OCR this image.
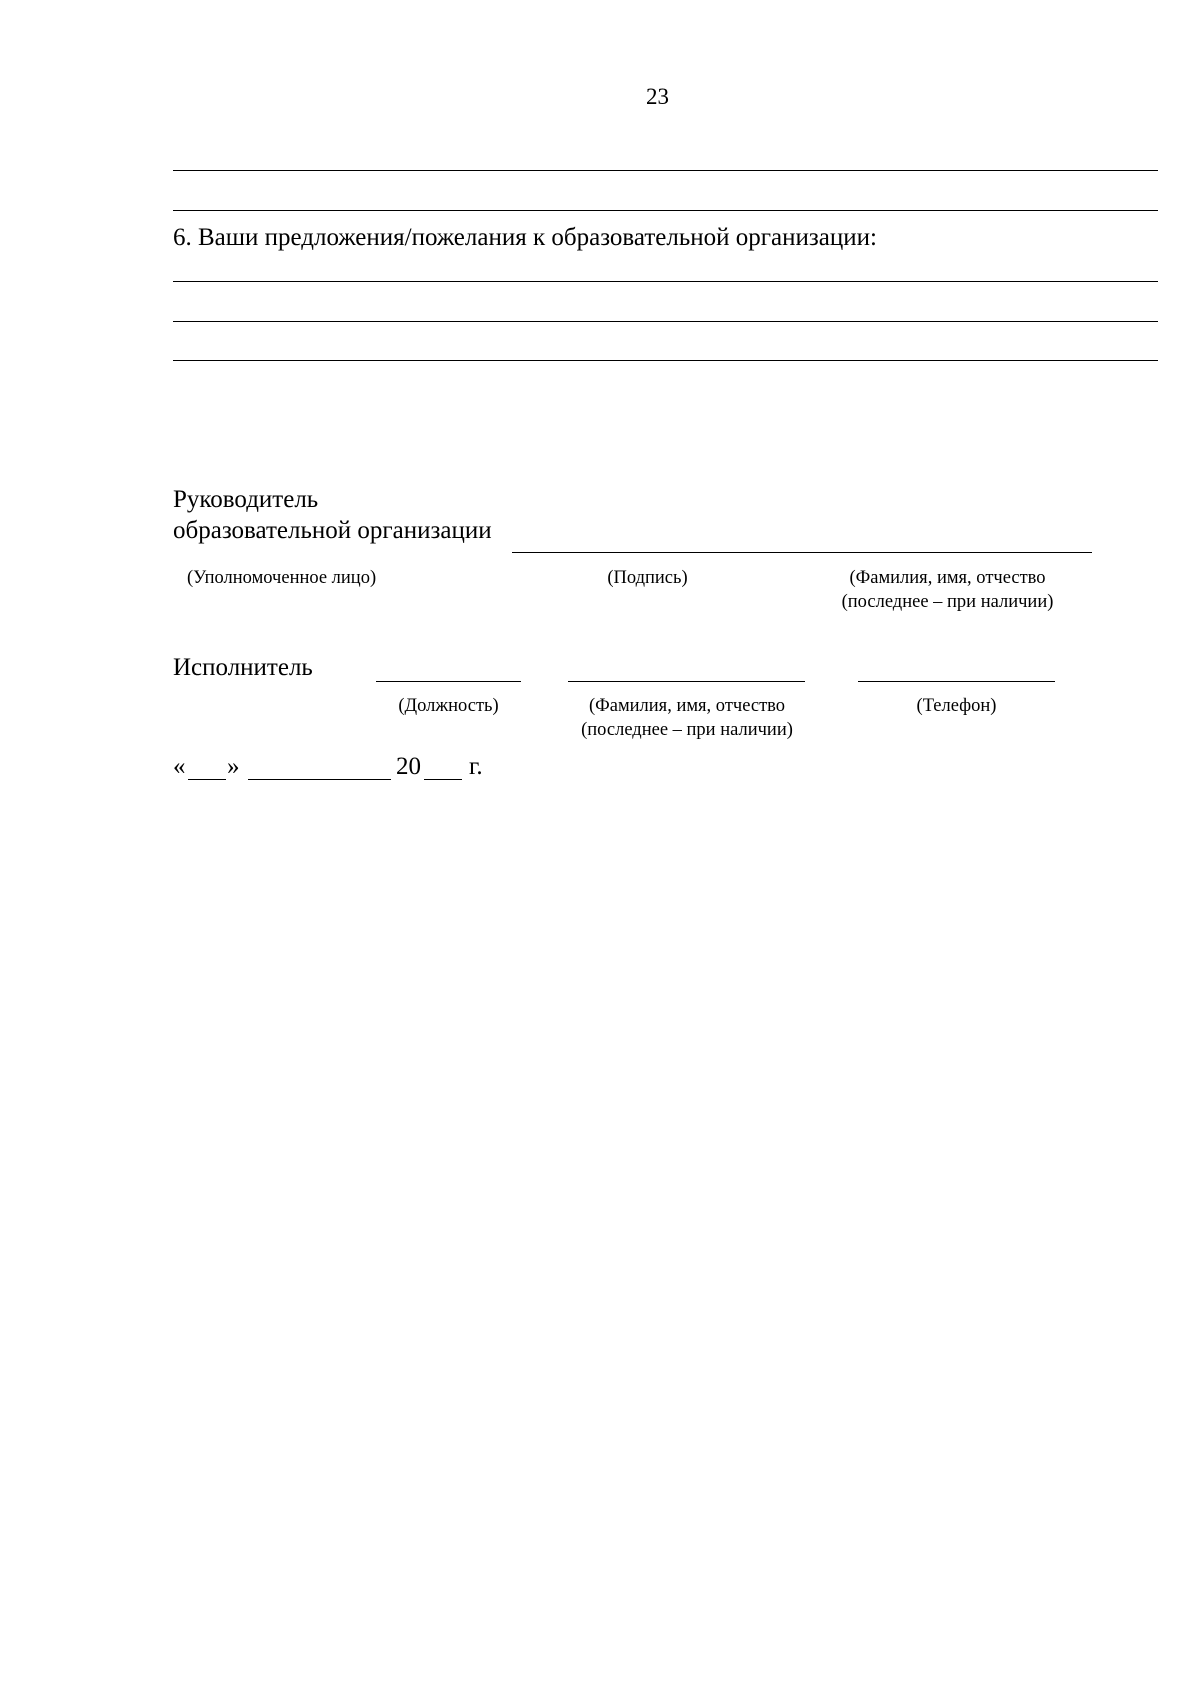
23
6. Ваши предложения/пожелания к образовательной организации:
Руководитель
образовательной организации
(Уполномоченное лицо)	(Подпись)	(Фамилия, имя, отчество
(последнее – при наличии)
Исполнитель
(Должность)	(Фамилия, имя, отчество
(последнее – при наличии)
(Телефон)
« »	20 г.
